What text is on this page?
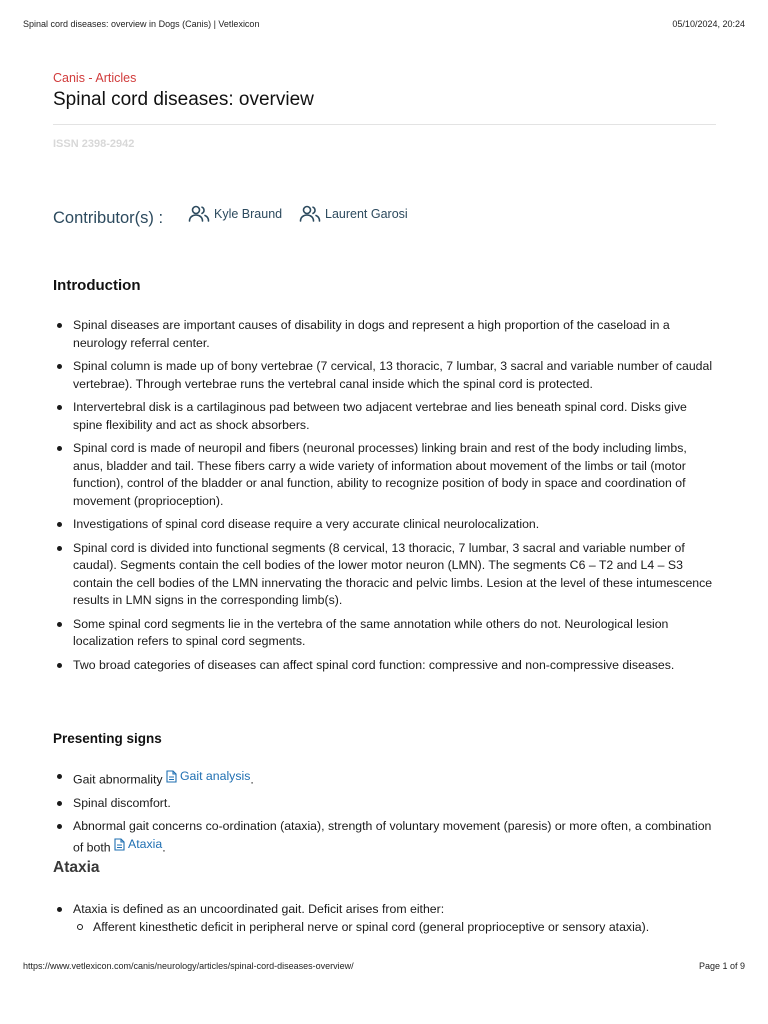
Spinal cord diseases: overview in Dogs (Canis) | Vetlexicon	05/10/2024, 20:24
Canis - Articles
Spinal cord diseases: overview
ISSN 2398-2942
Contributor(s) :	Kyle Braund	Laurent Garosi
Introduction
Spinal diseases are important causes of disability in dogs and represent a high proportion of the caseload in a neurology referral center.
Spinal column is made up of bony vertebrae (7 cervical, 13 thoracic, 7 lumbar, 3 sacral and variable number of caudal vertebrae). Through vertebrae runs the vertebral canal inside which the spinal cord is protected.
Intervertebral disk is a cartilaginous pad between two adjacent vertebrae and lies beneath spinal cord. Disks give spine flexibility and act as shock absorbers.
Spinal cord is made of neuropil and fibers (neuronal processes) linking brain and rest of the body including limbs, anus, bladder and tail. These fibers carry a wide variety of information about movement of the limbs or tail (motor function), control of the bladder or anal function, ability to recognize position of body in space and coordination of movement (proprioception).
Investigations of spinal cord disease require a very accurate clinical neurolocalization.
Spinal cord is divided into functional segments (8 cervical, 13 thoracic, 7 lumbar, 3 sacral and variable number of caudal). Segments contain the cell bodies of the lower motor neuron (LMN). The segments C6 – T2 and L4 – S3 contain the cell bodies of the LMN innervating the thoracic and pelvic limbs. Lesion at the level of these intumescence results in LMN signs in the corresponding limb(s).
Some spinal cord segments lie in the vertebra of the same annotation while others do not. Neurological lesion localization refers to spinal cord segments.
Two broad categories of diseases can affect spinal cord function: compressive and non-compressive diseases.
Presenting signs
Gait abnormality Gait analysis .
Spinal discomfort.
Abnormal gait concerns co-ordination (ataxia), strength of voluntary movement (paresis) or more often, a combination of both Ataxia .
Ataxia
Ataxia is defined as an uncoordinated gait. Deficit arises from either:
Afferent kinesthetic deficit in peripheral nerve or spinal cord (general proprioceptive or sensory ataxia).
https://www.vetlexicon.com/canis/neurology/articles/spinal-cord-diseases-overview/	Page 1 of 9
